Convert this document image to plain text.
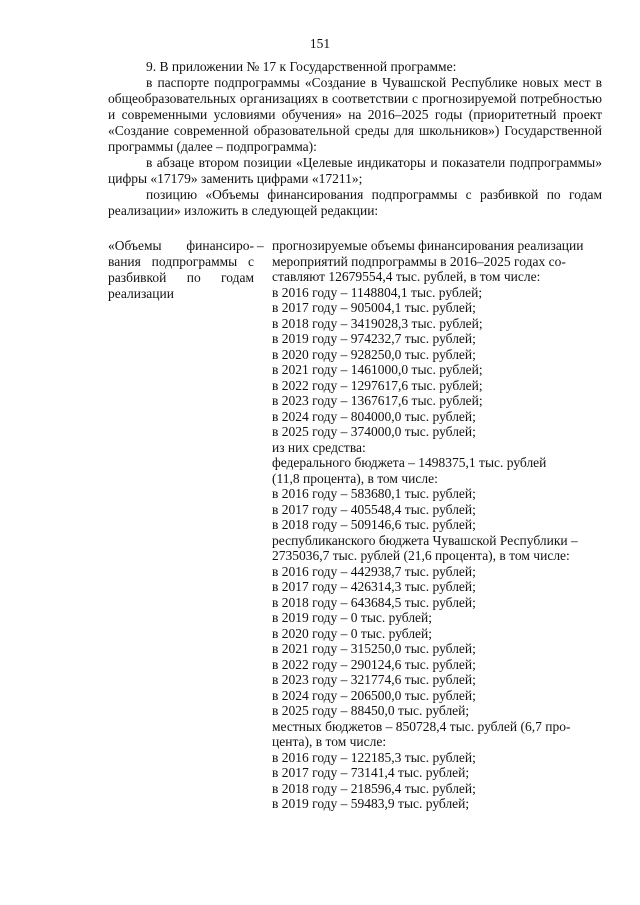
151

9. В приложении № 17 к Государственной программе:

в паспорте подпрограммы «Создание в Чувашской Республике новых мест в общеобразовательных организациях в соответствии с прогнозируемой потребностью и современными условиями обучения» на 2016–2025 годы (приоритетный проект «Создание современной образовательной среды для школьников») Государственной программы (далее – подпрограмма):

в абзаце втором позиции «Целевые индикаторы и показатели подпрограммы» цифры «17179» заменить цифрами «17211»;

позицию «Объемы финансирования подпрограммы с разбивкой по годам реализации» изложить в следующей редакции:

«Объемы финансиро-
вания подпрограммы с
разбивкой по годам
реализации
– прогнозируемые объемы финансирования реализации
мероприятий подпрограммы в 2016–2025 годах со-
ставляют 12679554,4 тыс. рублей, в том числе:
в 2016 году – 1148804,1 тыс. рублей;
в 2017 году – 905004,1 тыс. рублей;
в 2018 году – 3419028,3 тыс. рублей;
в 2019 году – 974232,7 тыс. рублей;
в 2020 году – 928250,0 тыс. рублей;
в 2021 году – 1461000,0 тыс. рублей;
в 2022 году – 1297617,6 тыс. рублей;
в 2023 году – 1367617,6 тыс. рублей;
в 2024 году – 804000,0 тыс. рублей;
в 2025 году – 374000,0 тыс. рублей;
из них средства:
федерального бюджета – 1498375,1 тыс. рублей
(11,8 процента), в том числе:
в 2016 году – 583680,1 тыс. рублей;
в 2017 году – 405548,4 тыс. рублей;
в 2018 году – 509146,6 тыс. рублей;
республиканского бюджета Чувашской Республики –
2735036,7 тыс. рублей (21,6 процента), в том числе:
в 2016 году – 442938,7 тыс. рублей;
в 2017 году – 426314,3 тыс. рублей;
в 2018 году – 643684,5 тыс. рублей;
в 2019 году – 0 тыс. рублей;
в 2020 году – 0 тыс. рублей;
в 2021 году – 315250,0 тыс. рублей;
в 2022 году – 290124,6 тыс. рублей;
в 2023 году – 321774,6 тыс. рублей;
в 2024 году – 206500,0 тыс. рублей;
в 2025 году – 88450,0 тыс. рублей;
местных бюджетов – 850728,4 тыс. рублей (6,7 про-
цента), в том числе:
в 2016 году – 122185,3 тыс. рублей;
в 2017 году – 73141,4 тыс. рублей;
в 2018 году – 218596,4 тыс. рублей;
в 2019 году – 59483,9 тыс. рублей;
